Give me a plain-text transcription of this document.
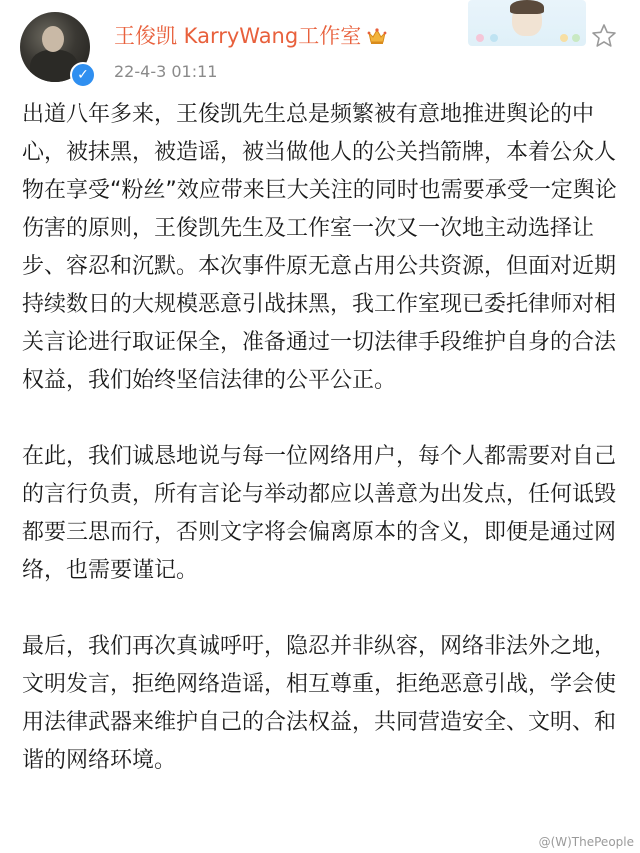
✓
王俊凯 KarryWang工作室
22-4-3 01:11

出道八年多来，王俊凯先生总是频繁被有意地推进舆论的中心，被抹黑，被造谣，被当做他人的公关挡箭牌，本着公众人物在享受“粉丝”效应带来巨大关注的同时也需要承受一定舆论伤害的原则，王俊凯先生及工作室一次又一次地主动选择让步、容忍和沉默。本次事件原无意占用公共资源，但面对近期持续数日的大规模恶意引战抹黑，我工作室现已委托律师对相关言论进行取证保全，准备通过一切法律手段维护自身的合法权益，我们始终坚信法律的公平公正。

在此，我们诚恳地说与每一位网络用户，每个人都需要对自己的言行负责，所有言论与举动都应以善意为出发点，任何诋毁都要三思而行，否则文字将会偏离原本的含义，即便是通过网络，也需要谨记。

最后，我们再次真诚呼吁，隐忍并非纵容，网络非法外之地，文明发言，拒绝网络造谣，相互尊重，拒绝恶意引战，学会使用法律武器来维护自己的合法权益，共同营造安全、文明、和谐的网络环境。

@(W)ThePeople
